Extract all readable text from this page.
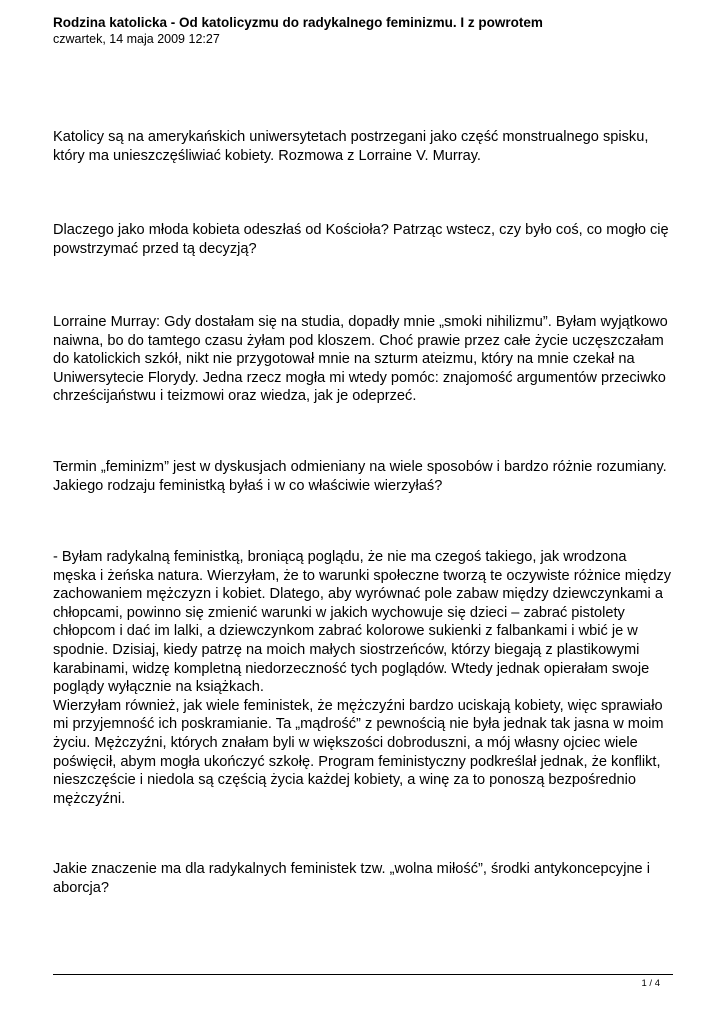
Rodzina katolicka - Od katolicyzmu do radykalnego feminizmu. I z powrotem

czwartek, 14 maja 2009 12:27

Katolicy są na amerykańskich uniwersytetach postrzegani jako część monstrualnego spisku,
który ma unieszczęśliwiać kobiety. Rozmowa z Lorraine V. Murray.

Dlaczego jako młoda kobieta odeszłaś od Kościoła? Patrząc wstecz, czy było coś, co mogło cię
powstrzymać przed tą decyzją?

Lorraine Murray: Gdy dostałam się na studia, dopadły mnie „smoki nihilizmu”. Byłam wyjątkowo
naiwna, bo do tamtego czasu żyłam pod kloszem. Choć prawie przez całe życie uczęszczałam
do katolickich szkół, nikt nie przygotował mnie na szturm ateizmu, który na mnie czekał na
Uniwersytecie Florydy. Jedna rzecz mogła mi wtedy pomóc: znajomość argumentów przeciwko
chrześcijaństwu i teizmowi oraz wiedza, jak je odeprzeć.

Termin „feminizm” jest w dyskusjach odmieniany na wiele sposobów i bardzo różnie rozumiany.
Jakiego rodzaju feministką byłaś i w co właściwie wierzyłaś?

- Byłam radykalną feministką, broniącą poglądu, że nie ma czegoś takiego, jak wrodzona
męska i żeńska natura. Wierzyłam, że to warunki społeczne tworzą te oczywiste różnice między
zachowaniem mężczyzn i kobiet. Dlatego, aby wyrównać pole zabaw między dziewczynkami a
chłopcami, powinno się zmienić warunki w jakich wychowuje się dzieci – zabrać pistolety
chłopcom i dać im lalki, a dziewczynkom zabrać kolorowe sukienki z falbankami i wbić je w
spodnie. Dzisiaj, kiedy patrzę na moich małych siostrzeńców, którzy biegają z plastikowymi
karabinami, widzę kompletną niedorzeczność tych poglądów. Wtedy jednak opierałam swoje
poglądy wyłącznie na książkach.
Wierzyłam również, jak wiele feministek, że mężczyźni bardzo uciskają kobiety, więc sprawiało
mi przyjemność ich poskramianie. Ta „mądrość” z pewnością nie była jednak tak jasna w moim
życiu. Mężczyźni, których znałam byli w większości dobroduszni, a mój własny ojciec wiele
poświęcił, abym mogła ukończyć szkołę. Program feministyczny podkreślał jednak, że konflikt,
nieszczęście i niedola są częścią życia każdej kobiety, a winę za to ponoszą bezpośrednio
mężczyźni.

Jakie znaczenie ma dla radykalnych feministek tzw. „wolna miłość”, środki antykoncepcyjne i
aborcja?

1 / 4
